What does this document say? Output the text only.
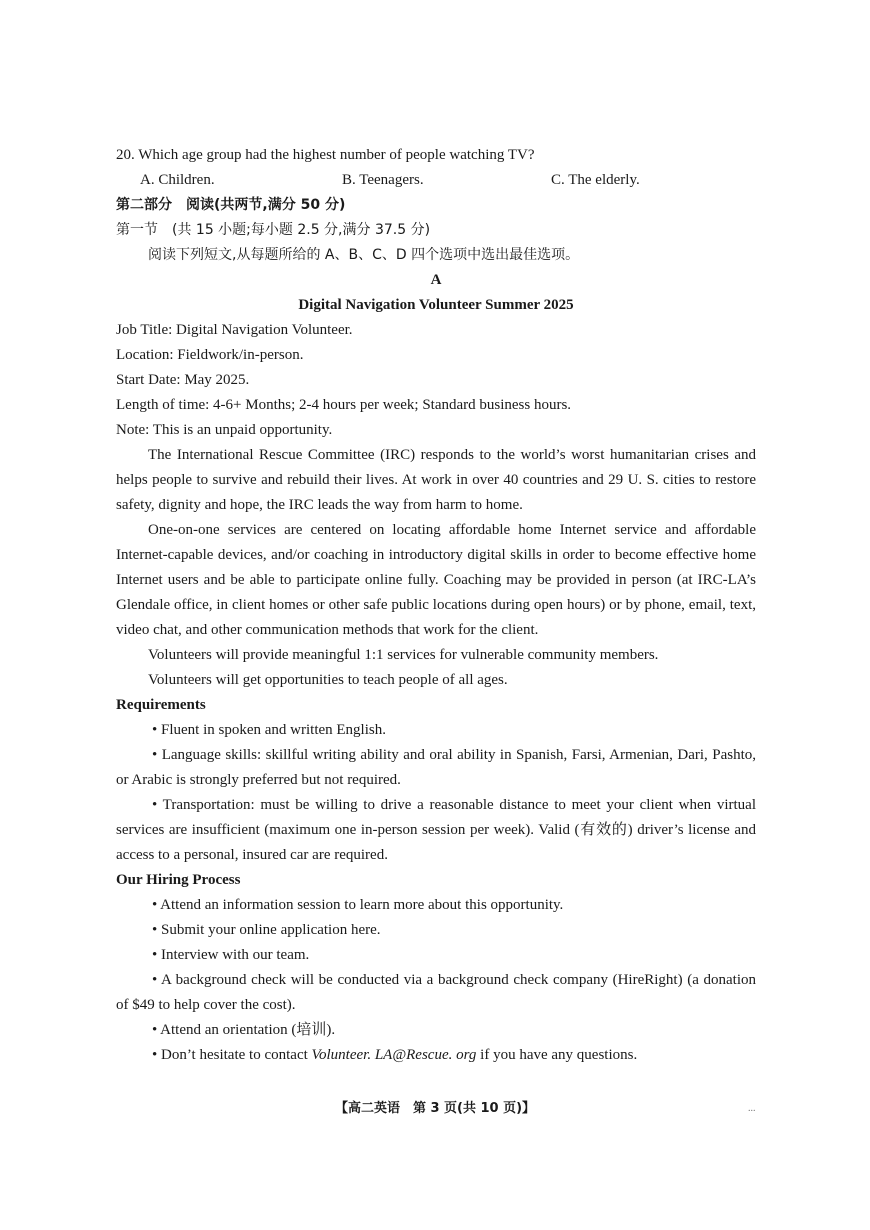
20. Which age group had the highest number of people watching TV?
A. Children.	B. Teenagers.	C. The elderly.
第二部分　阅读(共两节,满分 50 分)
第一节　(共 15 小题;每小题 2.5 分,满分 37.5 分)
阅读下列短文,从每题所给的 A、B、C、D 四个选项中选出最佳选项。
A
Digital Navigation Volunteer Summer 2025
Job Title: Digital Navigation Volunteer.
Location: Fieldwork/in-person.
Start Date: May 2025.
Length of time: 4-6+ Months; 2-4 hours per week; Standard business hours.
Note: This is an unpaid opportunity.
The International Rescue Committee (IRC) responds to the world’s worst humanitarian crises and helps people to survive and rebuild their lives. At work in over 40 countries and 29 U. S. cities to restore safety, dignity and hope, the IRC leads the way from harm to home.
One-on-one services are centered on locating affordable home Internet service and affordable Internet-capable devices, and/or coaching in introductory digital skills in order to become effective home Internet users and be able to participate online fully. Coaching may be provided in person (at IRC-LA’s Glendale office, in client homes or other safe public locations during open hours) or by phone, email, text, video chat, and other communication methods that work for the client.
Volunteers will provide meaningful 1:1 services for vulnerable community members.
Volunteers will get opportunities to teach people of all ages.
Requirements
• Fluent in spoken and written English.
• Language skills: skillful writing ability and oral ability in Spanish, Farsi, Armenian, Dari, Pashto, or Arabic is strongly preferred but not required.
• Transportation: must be willing to drive a reasonable distance to meet your client when virtual services are insufficient (maximum one in-person session per week). Valid (有效的) driver’s license and access to a personal, insured car are required.
Our Hiring Process
• Attend an information session to learn more about this opportunity.
• Submit your online application here.
• Interview with our team.
• A background check will be conducted via a background check company (HireRight) (a donation of $49 to help cover the cost).
• Attend an orientation (培训).
• Don’t hesitate to contact Volunteer. LA@Rescue. org if you have any questions.
【高二英语　第 3 页(共 10 页)】	...
